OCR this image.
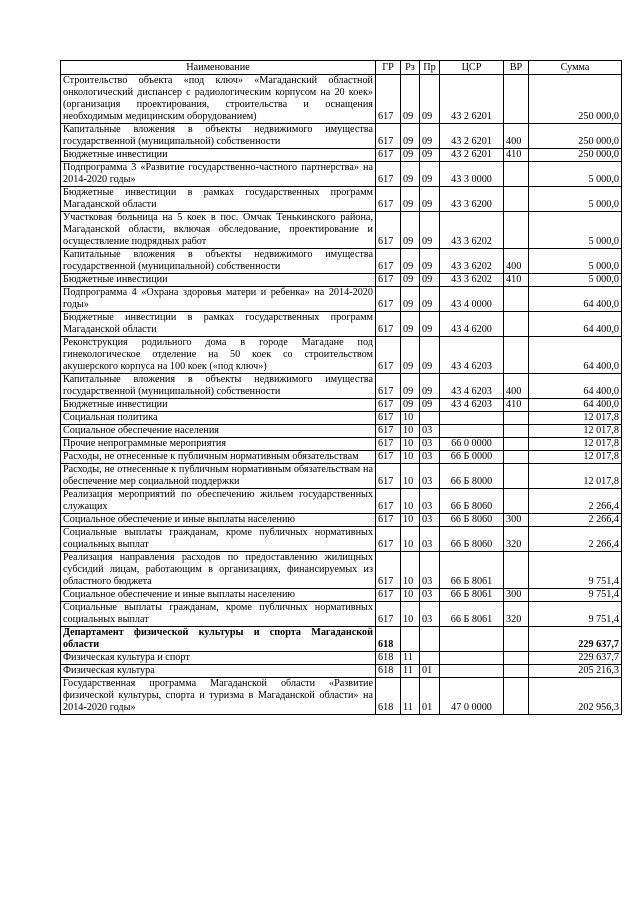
Наименование	ГР	Рз	Пр	ЦСР	ВР	Сумма
Строительство объекта «под ключ» «Магаданский областной онкологический диспансер с радиологическим корпусом на 20 коек» (организация проектирования, строительства и оснащения необходимым медицинским оборудованием)	617	09	09	43 2 6201		250 000,0
Капитальные вложения в объекты недвижимого имущества государственной (муниципальной) собственности	617	09	09	43 2 6201	400	250 000,0
Бюджетные инвестиции	617	09	09	43 2 6201	410	250 000,0
Подпрограмма 3 «Развитие государственно-частного партнерства» на 2014-2020 годы»	617	09	09	43 3 0000		5 000,0
Бюджетные инвестиции в рамках государственных программ Магаданской области	617	09	09	43 3 6200		5 000,0
Участковая больница на 5 коек в пос. Омчак Тенькинского района, Магаданской области, включая обследование, проектирование и осуществление подрядных работ	617	09	09	43 3 6202		5 000,0
Капитальные вложения в объекты недвижимого имущества государственной (муниципальной) собственности	617	09	09	43 3 6202	400	5 000,0
Бюджетные инвестиции	617	09	09	43 3 6202	410	5 000,0
Подпрограмма 4 «Охрана здоровья матери и ребенка» на 2014-2020 годы»	617	09	09	43 4 0000		64 400,0
Бюджетные инвестиции в рамках государственных программ Магаданской области	617	09	09	43 4 6200		64 400,0
Реконструкция родильного дома в городе Магадане под гинекологическое отделение на 50 коек со строительством акушерского корпуса на 100 коек («под ключ»)	617	09	09	43 4 6203		64 400,0
Капитальные вложения в объекты недвижимого имущества государственной (муниципальной) собственности	617	09	09	43 4 6203	400	64 400,0
Бюджетные инвестиции	617	09	09	43 4 6203	410	64 400,0
Социальная политика	617	10				12 017,8
Социальное обеспечение населения	617	10	03			12 017,8
Прочие непрограммные мероприятия	617	10	03	66 0 0000		12 017,8
Расходы, не отнесенные к публичным нормативным обязательствам	617	10	03	66 Б 0000		12 017,8
Расходы, не отнесенные к публичным нормативным обязательствам на обеспечение мер социальной поддержки	617	10	03	66 Б 8000		12 017,8
Реализация мероприятий по обеспечению жильем государственных служащих	617	10	03	66 Б 8060		2 266,4
Социальное обеспечение и иные выплаты населению	617	10	03	66 Б 8060	300	2 266,4
Социальные выплаты гражданам, кроме публичных нормативных социальных выплат	617	10	03	66 Б 8060	320	2 266,4
Реализация направления расходов по предоставлению жилищных субсидий лицам, работающим в организациях, финансируемых из областного бюджета	617	10	03	66 Б 8061		9 751,4
Социальное обеспечение и иные выплаты населению	617	10	03	66 Б 8061	300	9 751,4
Социальные выплаты гражданам, кроме публичных нормативных социальных выплат	617	10	03	66 Б 8061	320	9 751,4
Департамент физической культуры и спорта Магаданской области	618					229 637,7
Физическая культура и спорт	618	11				229 637,7
Физическая культура	618	11	01			205 216,3
Государственная программа Магаданской области «Развитие физической культуры, спорта и туризма в Магаданской области» на 2014-2020 годы»	618	11	01	47 0 0000		202 956,3
